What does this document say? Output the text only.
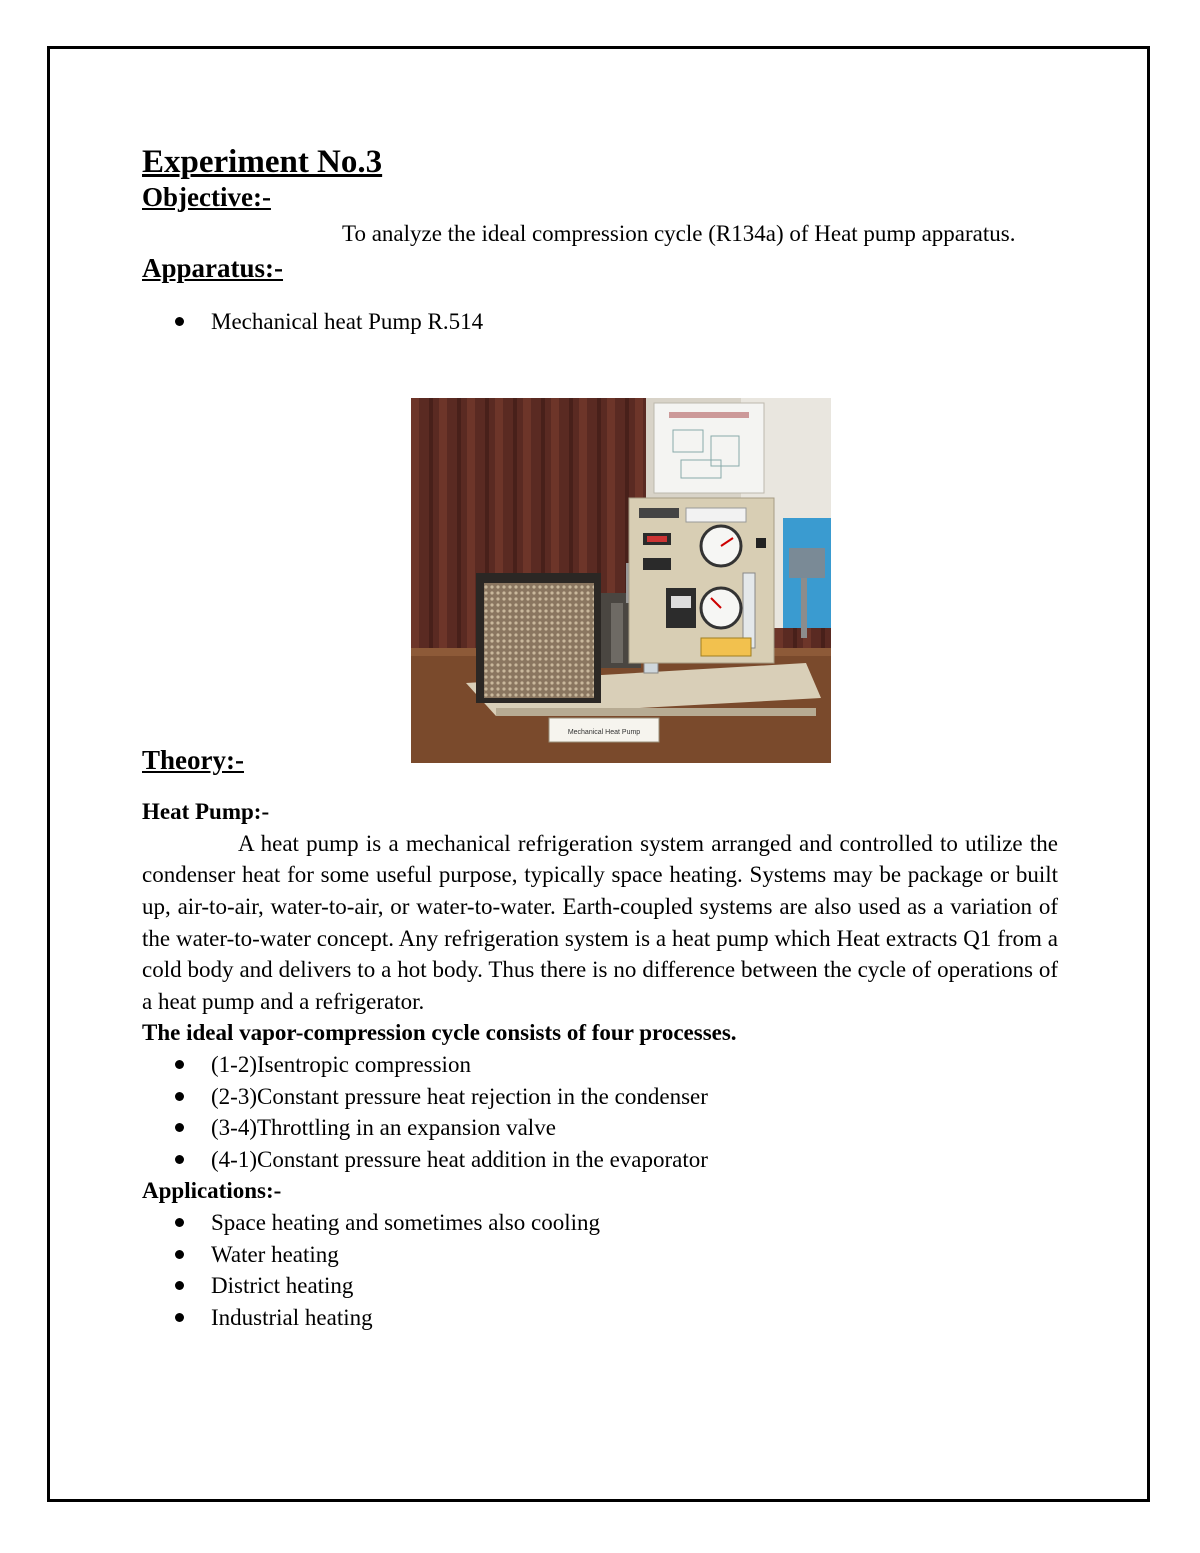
Experiment No.3
Objective:-

To analyze the ideal compression cycle (R134a) of Heat pump apparatus.

Apparatus:-
Mechanical heat Pump R.514
Theory:-

Heat Pump:-

A heat pump is a mechanical refrigeration system arranged and controlled to utilize the condenser heat for some useful purpose, typically space heating. Systems may be package or built up, air-to-air, water-to-air, or water-to-water. Earth-coupled systems are also used as a variation of the water-to-water concept. Any refrigeration system is a heat pump which Heat extracts Q1 from a cold body and delivers to a hot body. Thus there is no difference between the cycle of operations of a heat pump and a refrigerator.

The ideal vapor-compression cycle consists of four processes.

(1-2)Isentropic compression
(2-3)Constant pressure heat rejection in the condenser
(3-4)Throttling in an expansion valve
(4-1)Constant pressure heat addition in the evaporator

Applications:-

Space heating and sometimes also cooling
Water heating
District heating
Industrial heating
Mechanical Heat Pump
